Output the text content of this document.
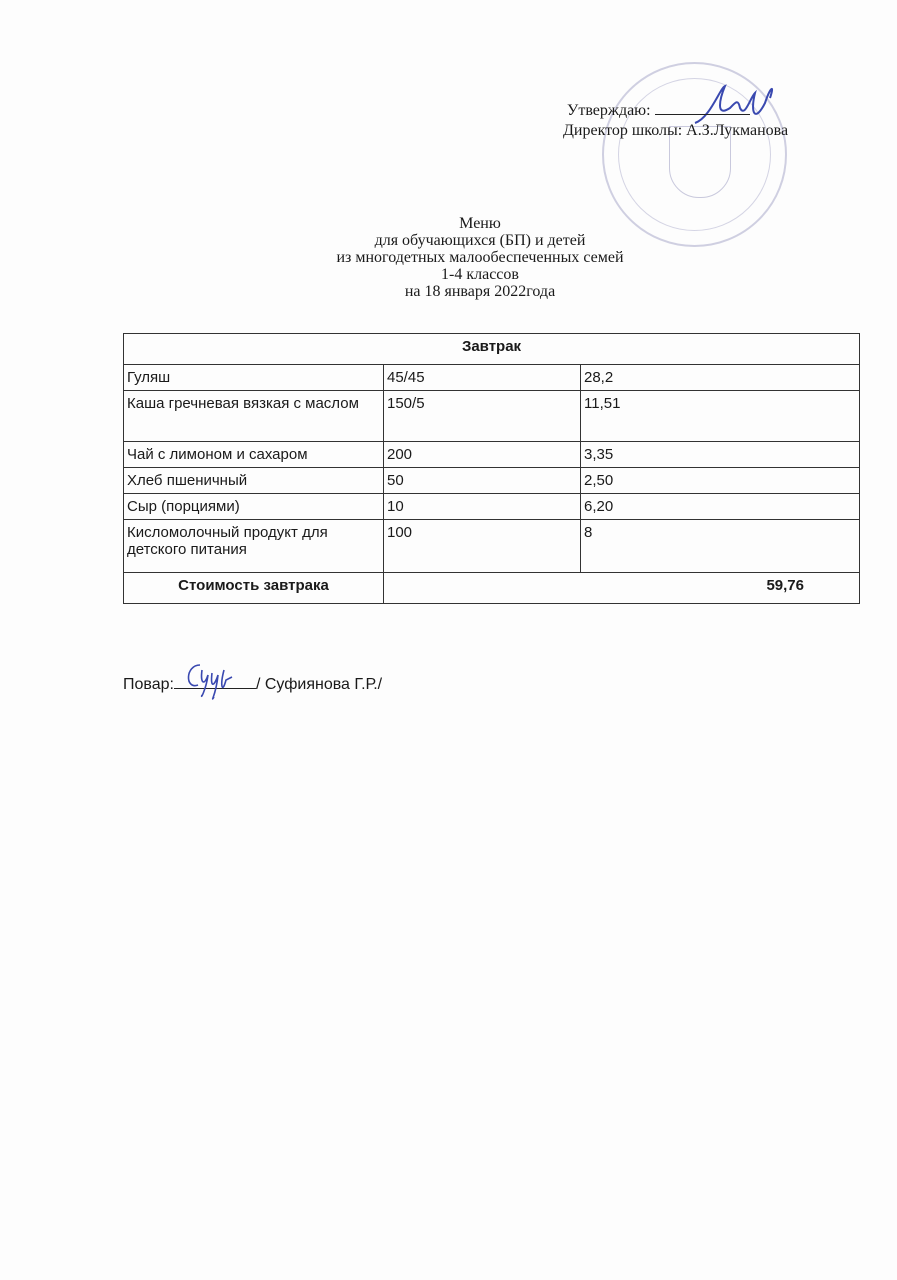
Утверждаю:
Директор школы: А.З.Лукманова
Меню
для обучающихся (БП) и детей
из многодетных малообеспеченных семей
1-4 классов
на 18 января 2022года
Завтрак		
Гуляш	45/45	28,2
Каша гречневая вязкая с маслом	150/5	11,51
Чай с лимоном и сахаром	200	3,35
Хлеб пшеничный	50	2,50
Сыр (порциями)	10	6,20
Кисломолочный продукт для детского питания	100	8
Стоимость завтрака	59,76	
Повар:	/ Суфиянова Г.Р./
